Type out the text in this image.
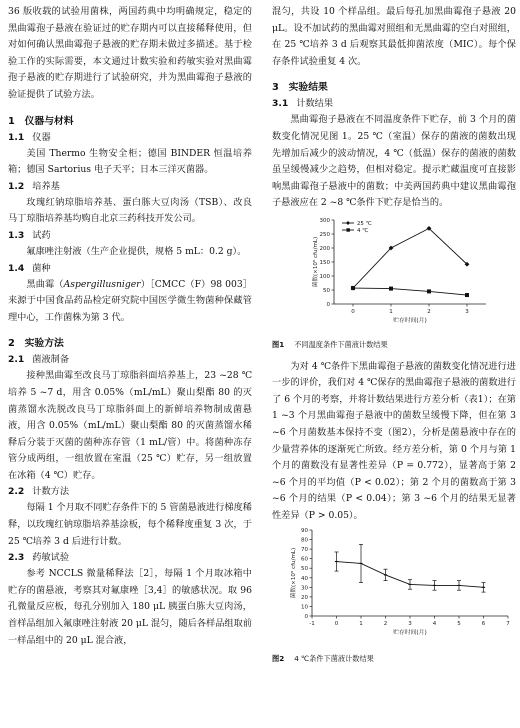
36 版收载的试验用菌株，两国药典中均明确规定，稳定的黑曲霉孢子悬液在验证过的贮存期内可以直接稀释使用，但对如何确认黑曲霉孢子悬液的贮存期未做过多描述。基于检验工作的实际需要，本文通过计数实验和药敏实验对黑曲霉孢子悬液的贮存期进行了试验研究，并为黑曲霉孢子悬液的验证提供了试验方法。

1　仪器与材料
1.1 仪器

美国 Thermo 生物安全柜；德国 BINDER 恒温培养箱；德国 Sartorius 电子天平；日本三洋灭菌器。

1.2 培养基

玫瑰红钠琼脂培养基、蛋白胨大豆肉汤（TSB）、改良马丁琼脂培养基均购自北京三药科技开发公司。

1.3 试药

氟康唑注射液（生产企业提供，规格 5 mL：0.2 g）。

1.4 菌种

黑曲霉（Aspergillusniger）［CMCC（F）98 003］来源于中国食品药品检定研究院中国医学微生物菌种保藏管理中心，工作菌株为第 3 代。

2　实验方法
2.1 菌液制备

接种黑曲霉至改良马丁琼脂斜面培养基上，23 ~28 ℃培养 5 ~7 d，用含 0.05%（mL/mL）聚山梨酯 80 的灭菌蒸馏水洗脱改良马丁琼脂斜面上的新鲜培养物制成菌悬液，用含 0.05%（mL/mL）聚山梨酯 80 的灭菌蒸馏水稀释后分装于灭菌的菌种冻存管（1 mL/管）中。将菌种冻存管分成两组，一组放置在室温（25 ℃）贮存，另一组放置在冰箱（4 ℃）贮存。

2.2 计数方法

每隔 1 个月取不同贮存条件下的 5 管菌悬液进行梯度稀释，以玫瑰红钠琼脂培养基涂板，每个稀释度重复 3 次，于 25 ℃培养 3 d 后进行计数。

2.3 药敏试验

参考 NCCLS 微量稀释法［2］，每隔 1 个月取冰箱中贮存的菌悬液，考察其对氟康唑［3,4］的敏感状况。取 96 孔微量反应板，每孔分别加入 180 μL 胰蛋白胨大豆肉汤，首样品组加入氟康唑注射液 20 μL 混匀，随后各样品组取前一样品组中的 20 μL 混合液，

混匀，共设 10 个样品组。最后每孔加黑曲霉孢子悬液 20 μL。设不加试药的黑曲霉对照组和无黑曲霉的空白对照组，在 25 ℃培养 3 d 后观察其最低抑菌浓度（MIC）。每个保存条件试验重复 4 次。

3　实验结果
3.1 计数结果

黑曲霉孢子悬液在不同温度条件下贮存，前 3 个月的菌数变化情况见图 1。25 ℃（室温）保存的菌液的菌数出现先增加后减少的波动情况，4 ℃（低温）保存的菌液的菌数虽呈缓慢减少之趋势，但相对稳定。提示贮藏温度可直接影响黑曲霉孢子悬液中的菌数；中美两国药典中建议黑曲霉孢子悬液应在 2 ~8 ℃条件下贮存是恰当的。

0
50
100
150
200
250
300
0	1	2	3
贮存时间(月)
菌数(×10⁶ cfu/mL)
25 ℃
4 ℃
图1 不同温度条件下菌液计数结果

为对 4 ℃条件下黑曲霉孢子悬液的菌数变化情况进行进一步的评价，我们对 4 ℃保存的黑曲霉孢子悬液的菌数进行了 6 个月的考察，并将计数结果进行方差分析（表1）；在第 1 ~3 个月黑曲霉孢子悬液中的菌数呈缓慢下降，但在第 3 ~6 个月菌数基本保持不变（图2），分析是菌悬液中存在的少量营养体的逐渐死亡所致。经方差分析，第 0 个月与第 1 个月的菌数没有显著性差异（P = 0.772），显著高于第 2 ~6 个月的平均值（P < 0.02）；第 2 个月的菌数高于第 3 ~6 个月的结果（P < 0.04）；第 3 ~6 个月的结果无显著性差异（P > 0.05）。

0
10
20
30
40
50
60
70
80
90
-1	0	1	2	3	4	5	6	7
贮存时间(月)
菌数(×10⁶ cfu/mL)
图2 4 ℃条件下菌液计数结果
